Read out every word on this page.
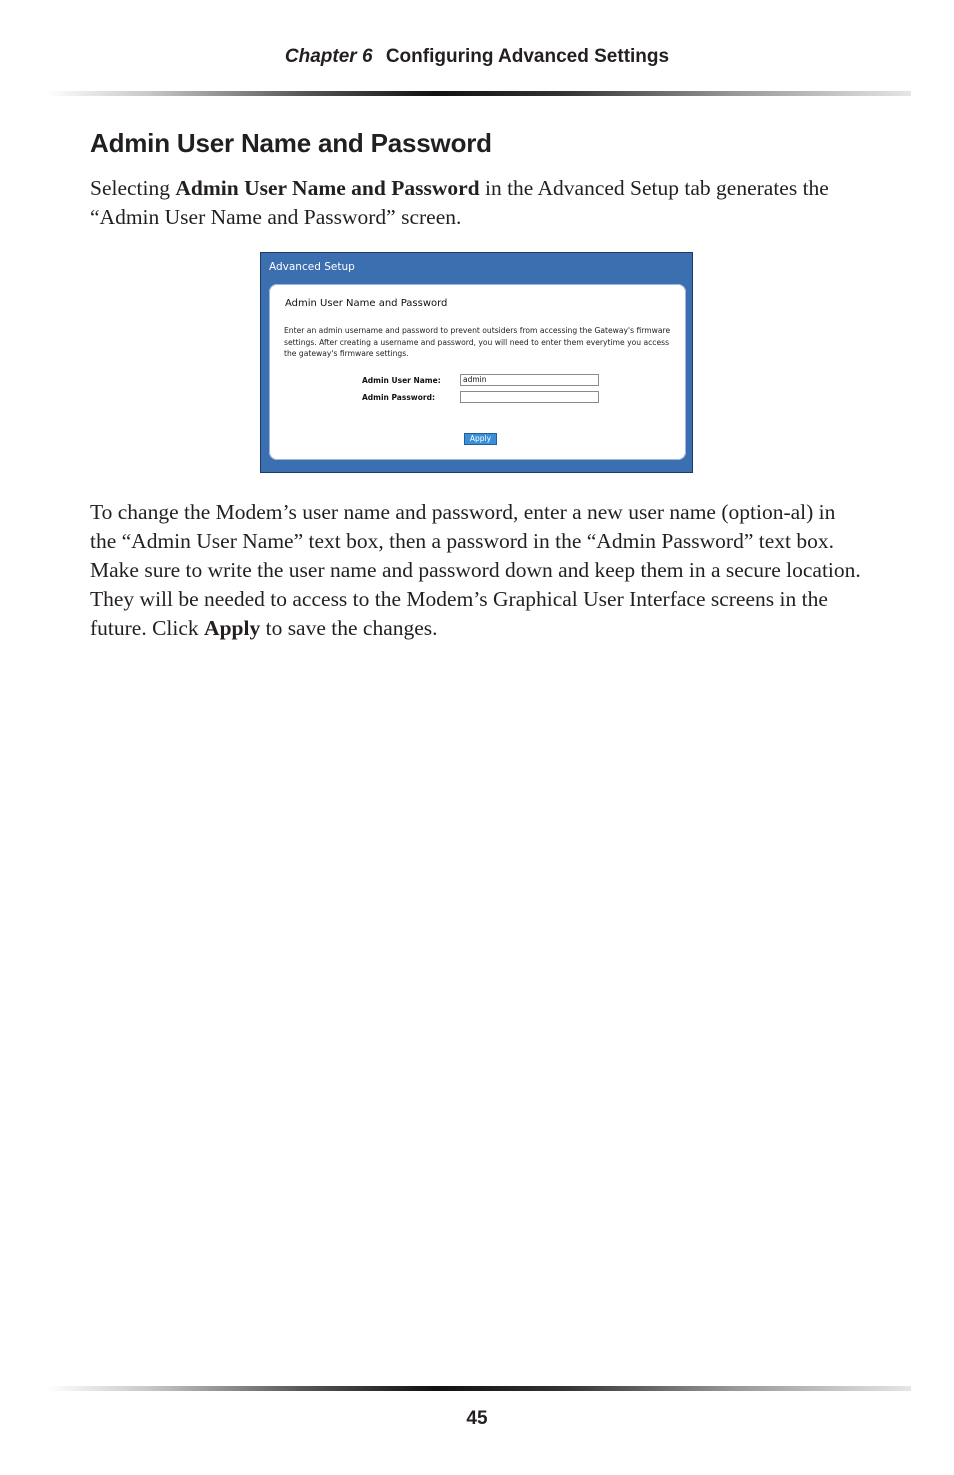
Chapter 6 Configuring Advanced Settings
Admin User Name and Password

Selecting Admin User Name and Password in the Advanced Setup tab generates the “Admin User Name and Password” screen.

Advanced Setup
Admin User Name and Password
Enter an admin username and password to prevent outsiders from accessing the Gateway's firmware settings. After creating a username and password, you will need to enter them everytime you access the gateway's firmware settings.
Admin User Name:	admin
Admin Password:
Apply

To change the Modem’s user name and password, enter a new user name (option-al) in the “Admin User Name” text box, then a password in the “Admin Password” text box. Make sure to write the user name and password down and keep them in a secure location. They will be needed to access to the Modem’s Graphical User Interface screens in the future. Click Apply to save the changes.

45
